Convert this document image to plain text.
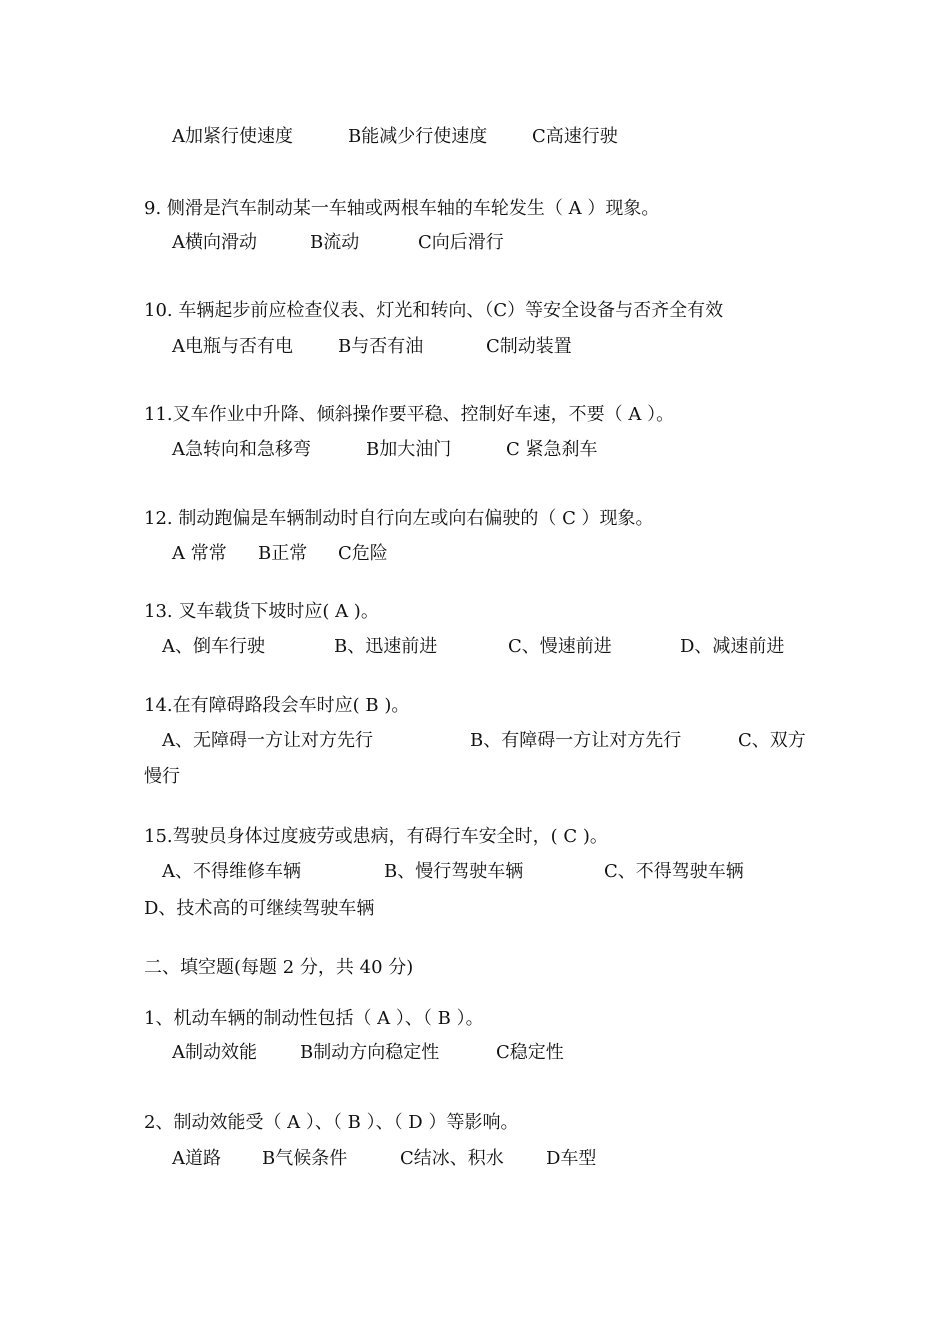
A加紧行使速度	B能减少行使速度 C高速行驶
9. 侧滑是汽车制动某一车轴或两根车轴的车轮发生（ A ）现象。
A横向滑动	B流动	C向后滑行
10. 车辆起步前应检查仪表、灯光和转向、（C）等安全设备与否齐全有效
A电瓶与否有电	B与否有油	C制动装置
11.叉车作业中升降、倾斜操作要平稳、控制好车速，不要（ A ）。
A急转向和急移弯	B加大油门	C 紧急刹车
12. 制动跑偏是车辆制动时自行向左或向右偏驶的（ C ）现象。
A 常常 B正常 C危险
13. 叉车载货下坡时应( A )。
A、倒车行驶	B、迅速前进	C、慢速前进	D、减速前进
14.在有障碍路段会车时应( B )。
A、无障碍一方让对方先行	B、有障碍一方让对方先行	C、双方
慢行
15.驾驶员身体过度疲劳或患病，有碍行车安全时，( C )。
A、不得维修车辆	B、慢行驾驶车辆	C、不得驾驶车辆
D、技术高的可继续驾驶车辆
二、填空题(每题 2 分，共 40 分)
1、机动车辆的制动性包括（ A ）、（ B ）。
A制动效能 B制动方向稳定性	C稳定性
2、制动效能受（ A ）、（ B ）、（ D ）等影响。
A道路 B气候条件	C结冰、积水 D车型
